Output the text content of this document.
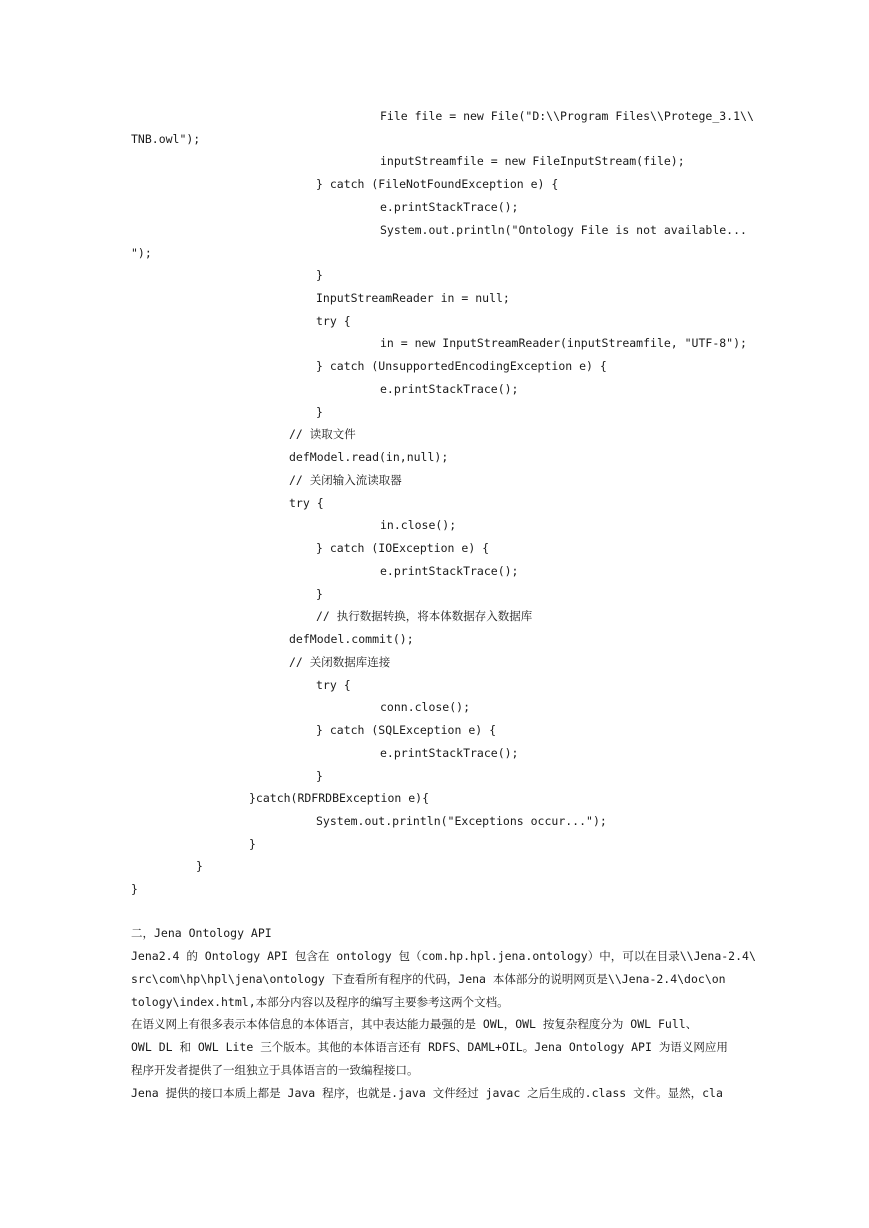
File file = new File("D:\\Program Files\\Protege_3.1\\
TNB.owl");
inputStreamfile = new FileInputStream(file);
} catch (FileNotFoundException e) {
e.printStackTrace();
System.out.println("Ontology File is not available...
");
}
InputStreamReader in = null;
try {
in = new InputStreamReader(inputStreamfile, "UTF-8");
} catch (UnsupportedEncodingException e) {
e.printStackTrace();
}
// 读取文件
defModel.read(in,null);
// 关闭输入流读取器
try {
in.close();
} catch (IOException e) {
e.printStackTrace();
}
// 执行数据转换，将本体数据存入数据库
defModel.commit();
// 关闭数据库连接
try {
conn.close();
} catch (SQLException e) {
e.printStackTrace();
}
}catch(RDFRDBException e){
System.out.println("Exceptions occur...");
}
}
}
二，Jena Ontology API
Jena2.4 的 Ontology API 包含在 ontology 包（com.hp.hpl.jena.ontology）中，可以在目录\\Jena-2.4\
src\com\hp\hpl\jena\ontology 下查看所有程序的代码，Jena 本体部分的说明网页是\\Jena-2.4\doc\on
tology\index.html,本部分内容以及程序的编写主要参考这两个文档。
在语义网上有很多表示本体信息的本体语言，其中表达能力最强的是 OWL，OWL 按复杂程度分为 OWL Full、
OWL DL 和 OWL Lite 三个版本。其他的本体语言还有 RDFS、DAML+OIL。Jena Ontology API 为语义网应用
程序开发者提供了一组独立于具体语言的一致编程接口。
Jena 提供的接口本质上都是 Java 程序，也就是.java 文件经过 javac 之后生成的.class 文件。显然，cla
